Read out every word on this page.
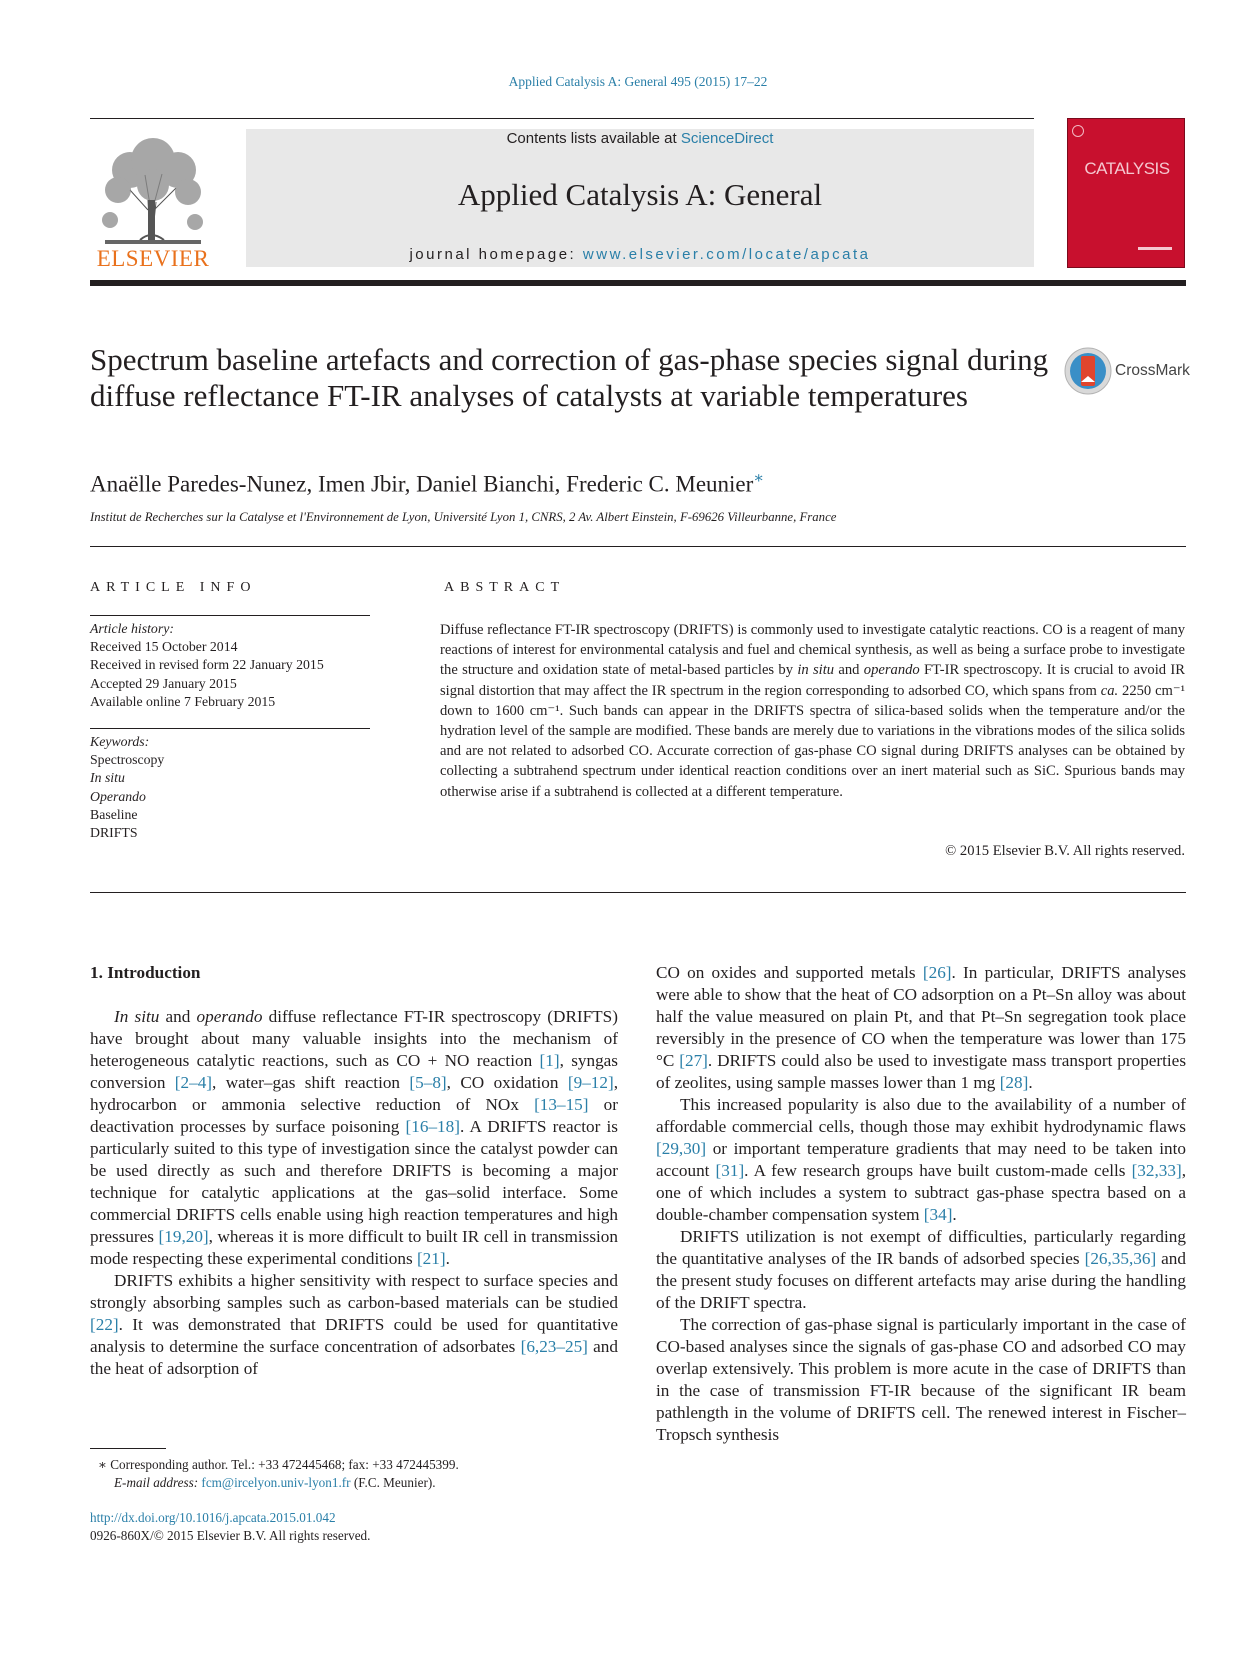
Applied Catalysis A: General 495 (2015) 17–22
ELSEVIER
Contents lists available at ScienceDirect
Applied Catalysis A: General
journal homepage: www.elsevier.com/locate/apcata
CATALYSIS
Spectrum baseline artefacts and correction of gas-phase species signal during diffuse reflectance FT-IR analyses of catalysts at variable temperatures
CrossMark
Anaëlle Paredes-Nunez, Imen Jbir, Daniel Bianchi, Frederic C. Meunier∗
Institut de Recherches sur la Catalyse et l'Environnement de Lyon, Université Lyon 1, CNRS, 2 Av. Albert Einstein, F-69626 Villeurbanne, France
ARTICLE INFO
Article history:
Received 15 October 2014
Received in revised form 22 January 2015
Accepted 29 January 2015
Available online 7 February 2015
Keywords:
Spectroscopy
In situ
Operando
Baseline
DRIFTS
ABSTRACT
Diffuse reflectance FT-IR spectroscopy (DRIFTS) is commonly used to investigate catalytic reactions. CO is a reagent of many reactions of interest for environmental catalysis and fuel and chemical synthesis, as well as being a surface probe to investigate the structure and oxidation state of metal-based particles by in situ and operando FT-IR spectroscopy. It is crucial to avoid IR signal distortion that may affect the IR spectrum in the region corresponding to adsorbed CO, which spans from ca. 2250 cm⁻¹ down to 1600 cm⁻¹. Such bands can appear in the DRIFTS spectra of silica-based solids when the temperature and/or the hydration level of the sample are modified. These bands are merely due to variations in the vibrations modes of the silica solids and are not related to adsorbed CO. Accurate correction of gas-phase CO signal during DRIFTS analyses can be obtained by collecting a subtrahend spectrum under identical reaction conditions over an inert material such as SiC. Spurious bands may otherwise arise if a subtrahend is collected at a different temperature.
© 2015 Elsevier B.V. All rights reserved.

1. Introduction

In situ and operando diffuse reflectance FT-IR spectroscopy (DRIFTS) have brought about many valuable insights into the mechanism of heterogeneous catalytic reactions, such as CO + NO reaction [1], syngas conversion [2–4], water–gas shift reaction [5–8], CO oxidation [9–12], hydrocarbon or ammonia selective reduction of NOx [13–15] or deactivation processes by surface poisoning [16–18]. A DRIFTS reactor is particularly suited to this type of investigation since the catalyst powder can be used directly as such and therefore DRIFTS is becoming a major technique for catalytic applications at the gas–solid interface. Some commercial DRIFTS cells enable using high reaction temperatures and high pressures [19,20], whereas it is more difficult to built IR cell in transmission mode respecting these experimental conditions [21].

DRIFTS exhibits a higher sensitivity with respect to surface species and strongly absorbing samples such as carbon-based materials can be studied [22]. It was demonstrated that DRIFTS could be used for quantitative analysis to determine the surface concentration of adsorbates [6,23–25] and the heat of adsorption of

CO on oxides and supported metals [26]. In particular, DRIFTS analyses were able to show that the heat of CO adsorption on a Pt–Sn alloy was about half the value measured on plain Pt, and that Pt–Sn segregation took place reversibly in the presence of CO when the temperature was lower than 175 °C [27]. DRIFTS could also be used to investigate mass transport properties of zeolites, using sample masses lower than 1 mg [28].

This increased popularity is also due to the availability of a number of affordable commercial cells, though those may exhibit hydrodynamic flaws [29,30] or important temperature gradients that may need to be taken into account [31]. A few research groups have built custom-made cells [32,33], one of which includes a system to subtract gas-phase spectra based on a double-chamber compensation system [34].

DRIFTS utilization is not exempt of difficulties, particularly regarding the quantitative analyses of the IR bands of adsorbed species [26,35,36] and the present study focuses on different artefacts may arise during the handling of the DRIFT spectra.

The correction of gas-phase signal is particularly important in the case of CO-based analyses since the signals of gas-phase CO and adsorbed CO may overlap extensively. This problem is more acute in the case of DRIFTS than in the case of transmission FT-IR because of the significant IR beam pathlength in the volume of DRIFTS cell. The renewed interest in Fischer–Tropsch synthesis

∗ Corresponding author. Tel.: +33 472445468; fax: +33 472445399.
E-mail address: fcm@ircelyon.univ-lyon1.fr (F.C. Meunier).
http://dx.doi.org/10.1016/j.apcata.2015.01.042
0926-860X/© 2015 Elsevier B.V. All rights reserved.
